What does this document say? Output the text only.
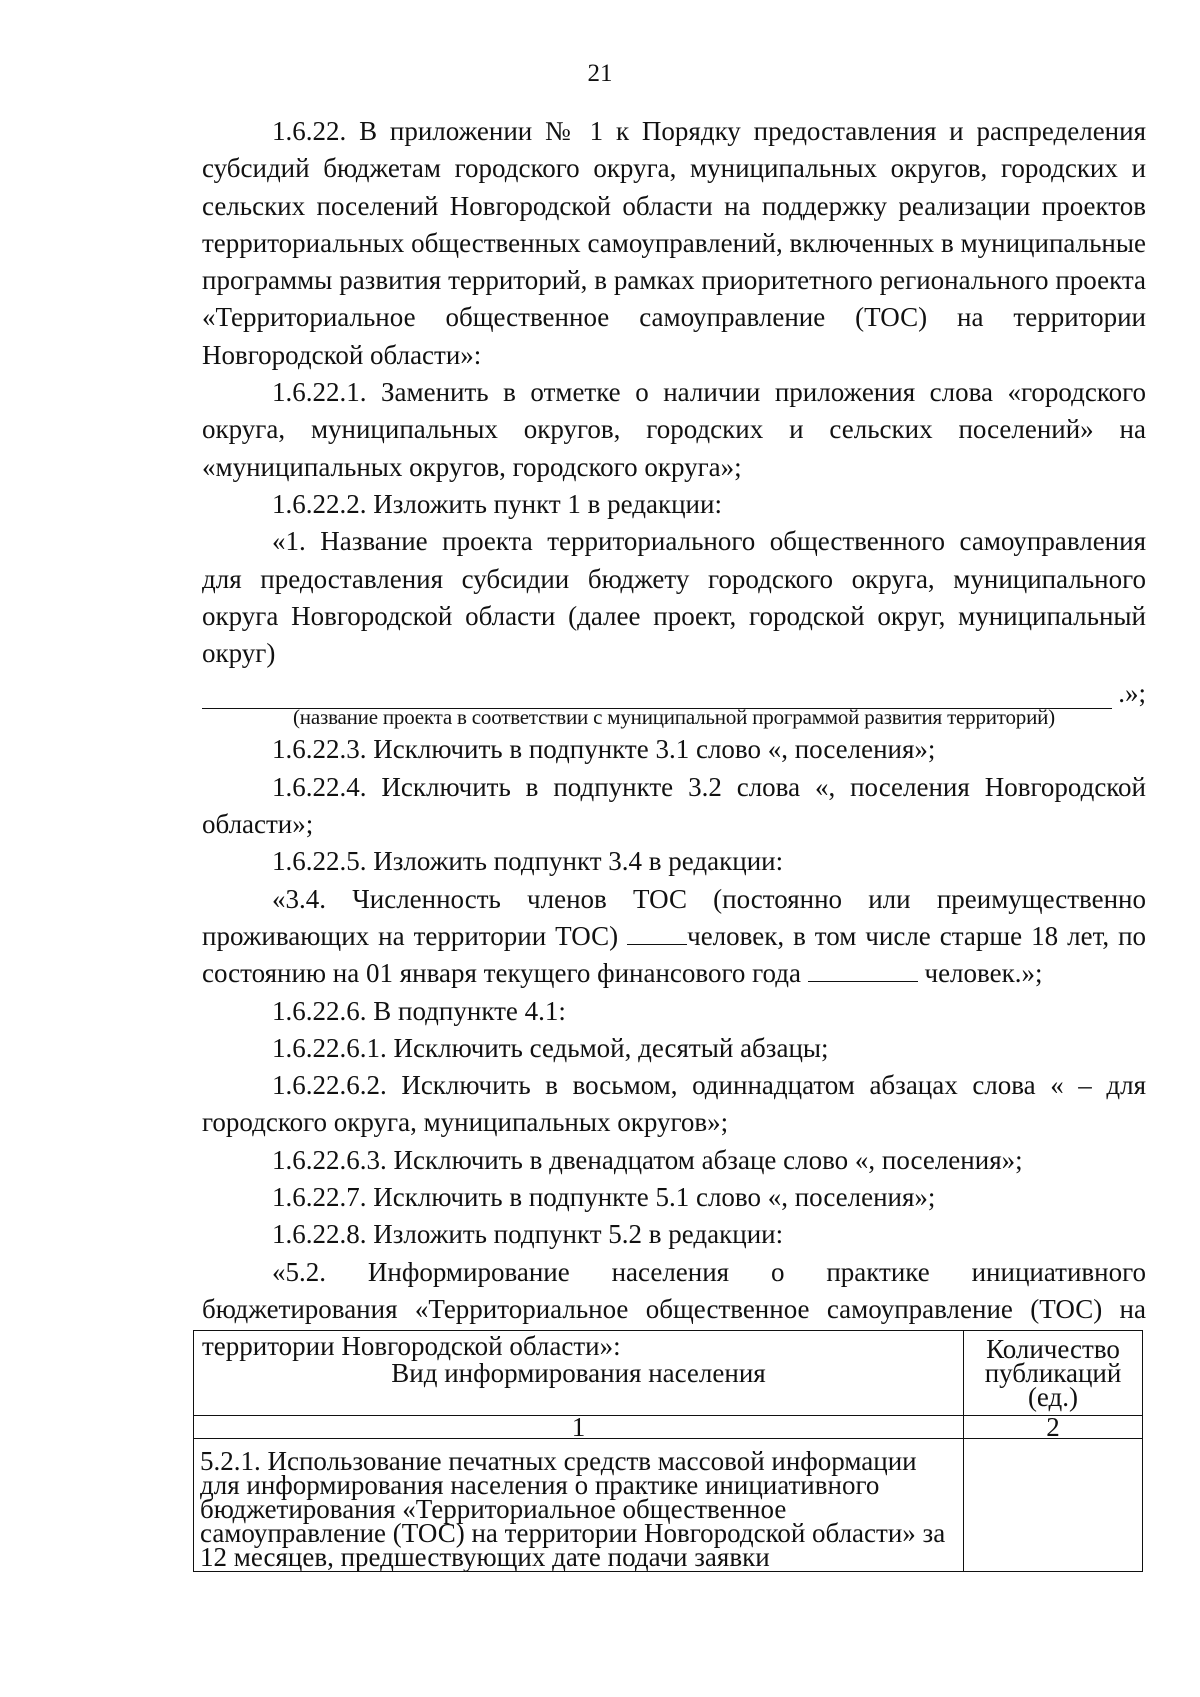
21

1.6.22. В приложении № 1 к Порядку предоставления и распределения субсидий бюджетам городского округа, муниципальных округов, городских и сельских поселений Новгородской области на поддержку реализации проектов территориальных общественных самоуправлений, включенных в муниципальные программы развития территорий, в рамках приоритетного регионального проекта «Территориальное общественное самоуправление (ТОС) на территории Новгородской области»:

1.6.22.1. Заменить в отметке о наличии приложения слова «городского округа, муниципальных округов, городских и сельских поселений» на «муниципальных округов, городского округа»;

1.6.22.2. Изложить пункт 1 в редакции:

«1. Название проекта территориального общественного самоуправления для предоставления субсидии бюджету городского округа, муниципального округа Новгородской области (далее проект, городской округ, муниципальный округ)

.»;
(название проекта в соответствии с муниципальной программой развития территорий)

1.6.22.3. Исключить в подпункте 3.1 слово «, поселения»;

1.6.22.4. Исключить в подпункте 3.2 слова «, поселения Новгородской области»;

1.6.22.5. Изложить подпункт 3.4 в редакции:

«3.4. Численность членов ТОС (постоянно или преимущественно проживающих на территории ТОС)	человек, в том числе старше 18 лет, по состоянию на 01 января текущего финансового года	человек.»;

1.6.22.6. В подпункте 4.1:

1.6.22.6.1. Исключить седьмой, десятый абзацы;

1.6.22.6.2. Исключить в восьмом, одиннадцатом абзацах слова « – для городского округа, муниципальных округов»;

1.6.22.6.3. Исключить в двенадцатом абзаце слово «, поселения»;

1.6.22.7. Исключить в подпункте 5.1 слово «, поселения»;

1.6.22.8. Изложить подпункт 5.2 в редакции:

«5.2. Информирование населения о практике инициативного бюджетирования «Территориальное общественное самоуправление (ТОС) на территории Новгородской области»:

Вид информирования населения	Количество публикаций (ед.)
1	2
5.2.1. Использование печатных средств массовой информации для информирования населения о практике инициативного бюджетирования «Территориальное общественное самоуправление (ТОС) на территории Новгородской области» за 12 месяцев, предшествующих дате подачи заявки	
